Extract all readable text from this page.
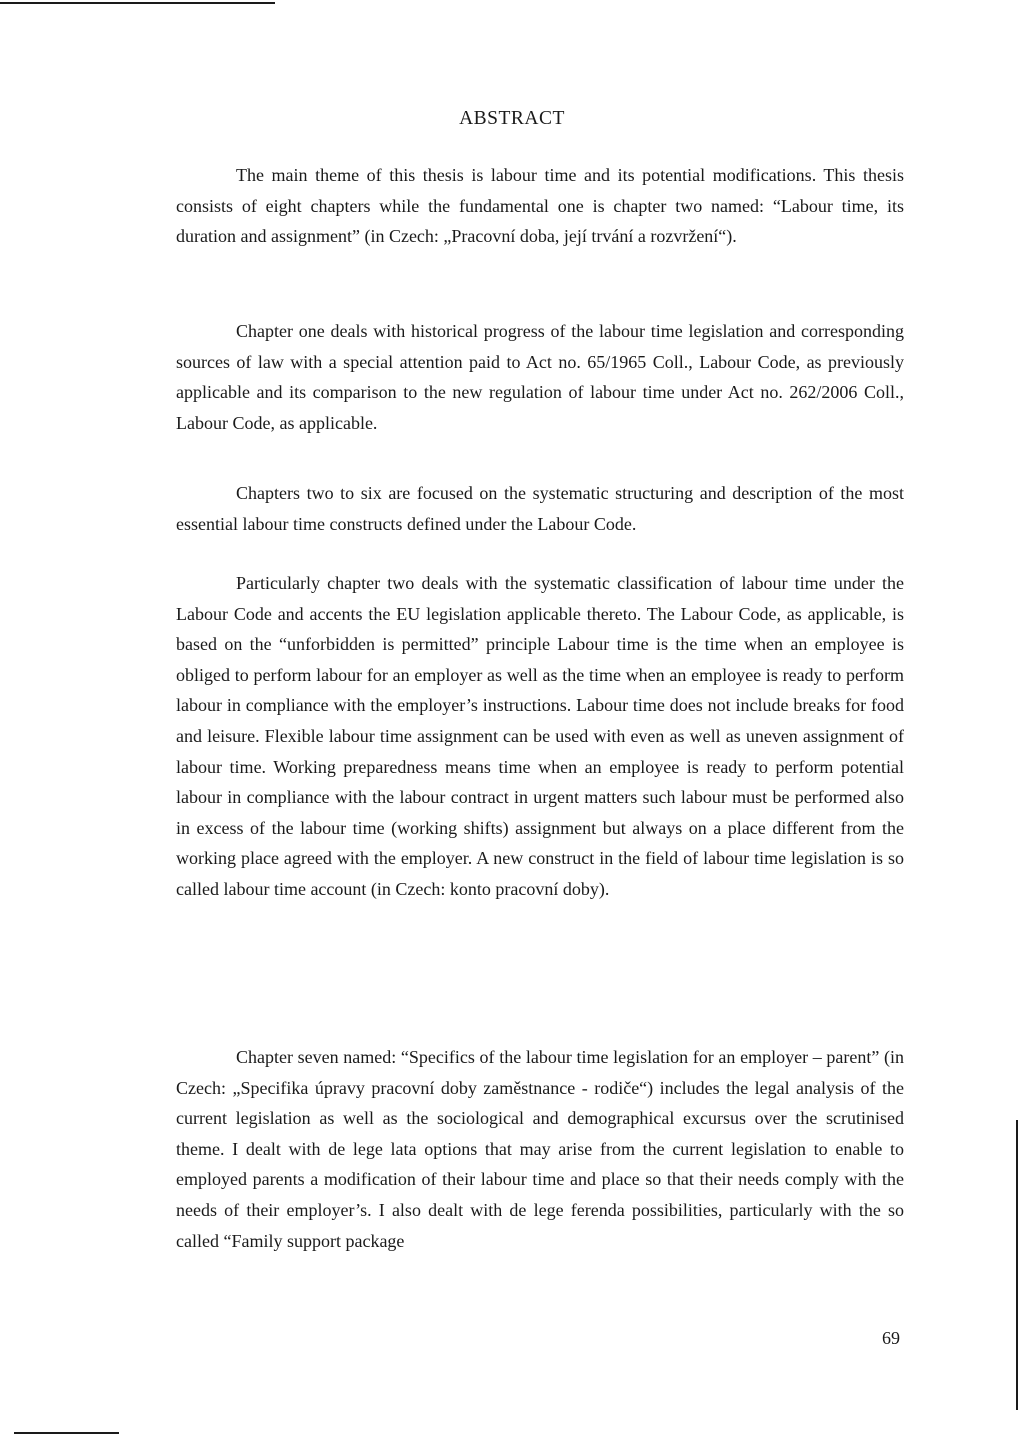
ABSTRACT

The main theme of this thesis is labour time and its potential modifications. This thesis consists of eight chapters while the fundamental one is chapter two named: “Labour time, its duration and assignment” (in Czech: „Pracovní doba, její trvání a rozvržení“).

Chapter one deals with historical progress of the labour time legislation and corresponding sources of law with a special attention paid to Act no. 65/1965 Coll., Labour Code, as previously applicable and its comparison to the new regulation of labour time under Act no. 262/2006 Coll., Labour Code, as applicable.

Chapters two to six are focused on the systematic structuring and description of the most essential labour time constructs defined under the Labour Code.

Particularly chapter two deals with the systematic classification of labour time under the Labour Code and accents the EU legislation applicable thereto. The Labour Code, as applicable, is based on the “unforbidden is permitted” principle Labour time is the time when an employee is obliged to perform labour for an employer as well as the time when an employee is ready to perform labour in compliance with the employer’s instructions. Labour time does not include breaks for food and leisure. Flexible labour time assignment can be used with even as well as uneven assignment of labour time. Working preparedness means time when an employee is ready to perform potential labour in compliance with the labour contract in urgent matters such labour must be performed also in excess of the labour time (working shifts) assignment but always on a place different from the working place agreed with the employer. A new construct in the field of labour time legislation is so called labour time account (in Czech: konto pracovní doby).

Chapter seven named: “Specifics of the labour time legislation for an employer – parent” (in Czech: „Specifika úpravy pracovní doby zaměstnance - rodiče“) includes the legal analysis of the current legislation as well as the sociological and demographical excursus over the scrutinised theme. I dealt with de lege lata options that may arise from the current legislation to enable to employed parents a modification of their labour time and place so that their needs comply with the needs of their employer’s. I also dealt with de lege ferenda possibilities, particularly with the so called “Family support package

69
